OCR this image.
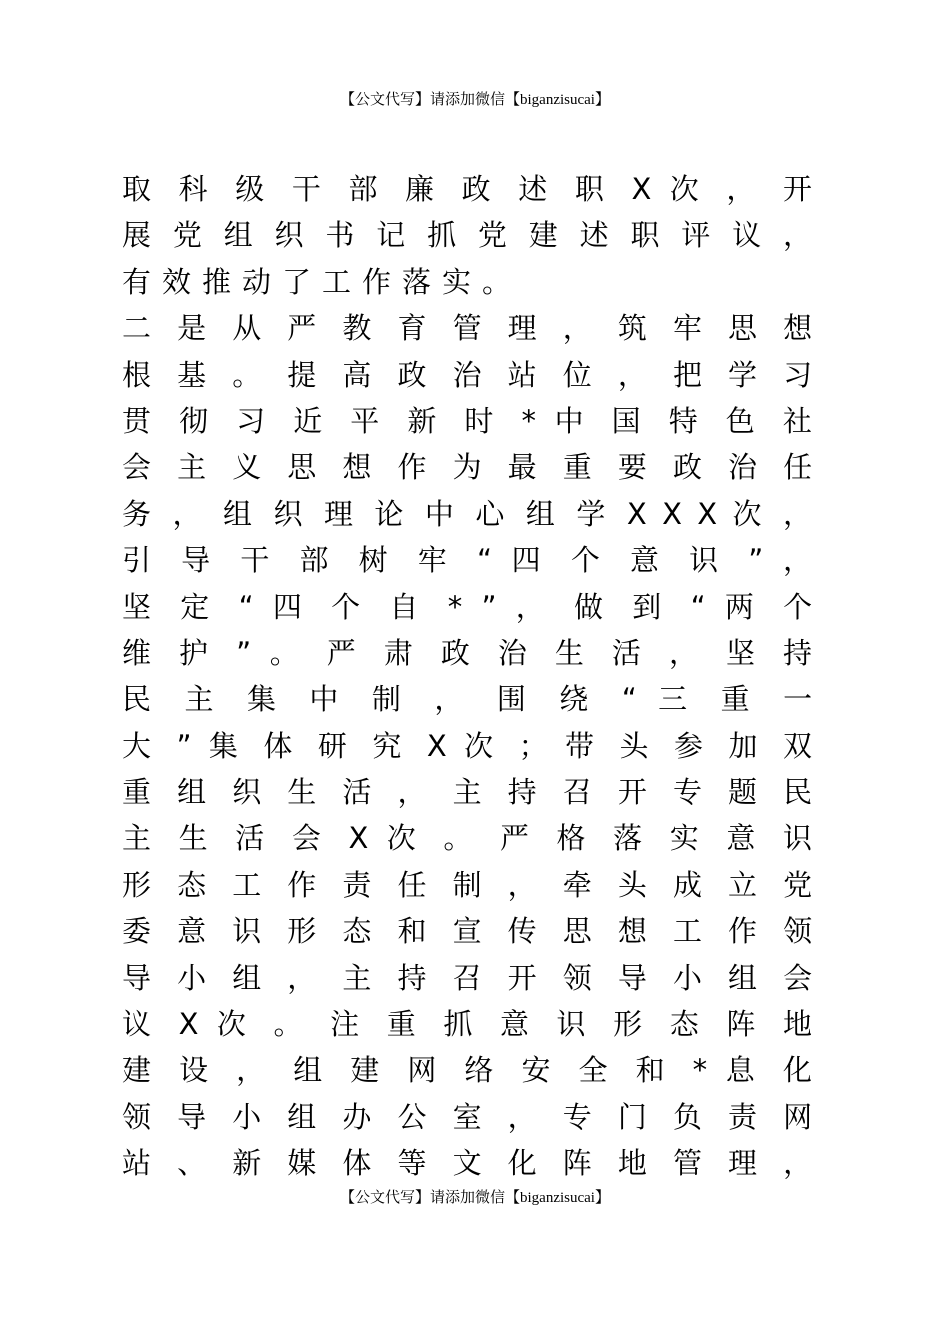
【公文代写】请添加微信【biganzisucai】
取 科 级 干 部 廉 政 述 职 X 次 ， 开
展 党 组 织 书 记 抓 党 建 述 职 评 议 ，
有效推动了工作落实。
二 是 从 严 教 育 管 理 ， 筑 牢 思 想
根 基 。 提 高 政 治 站 位 ， 把 学 习
贯 彻 习 近 平 新 时 * 中 国 特 色 社
会 主 义 思 想 作 为 最 重 要 政 治 任
务 ， 组 织 理 论 中 心 组 学 X X X 次 ，
引 导 干 部 树 牢 “ 四 个 意 识 ” ，
坚 定 “ 四 个 自 * ” ， 做 到 “ 两 个
维 护 ” 。 严 肃 政 治 生 活 ， 坚 持
民 主 集 中 制 ， 围 绕 “ 三 重 一
大 ” 集 体 研 究 X 次 ； 带 头 参 加 双
重 组 织 生 活 ， 主 持 召 开 专 题 民
主 生 活 会 X 次 。 严 格 落 实 意 识
形 态 工 作 责 任 制 ， 牵 头 成 立 党
委 意 识 形 态 和 宣 传 思 想 工 作 领
导 小 组 ， 主 持 召 开 领 导 小 组 会
议 X 次 。 注 重 抓 意 识 形 态 阵 地
建 设 ， 组 建 网 络 安 全 和 * 息 化
领 导 小 组 办 公 室 ， 专 门 负 责 网
站 、 新 媒 体 等 文 化 阵 地 管 理 ，
【公文代写】请添加微信【biganzisucai】
